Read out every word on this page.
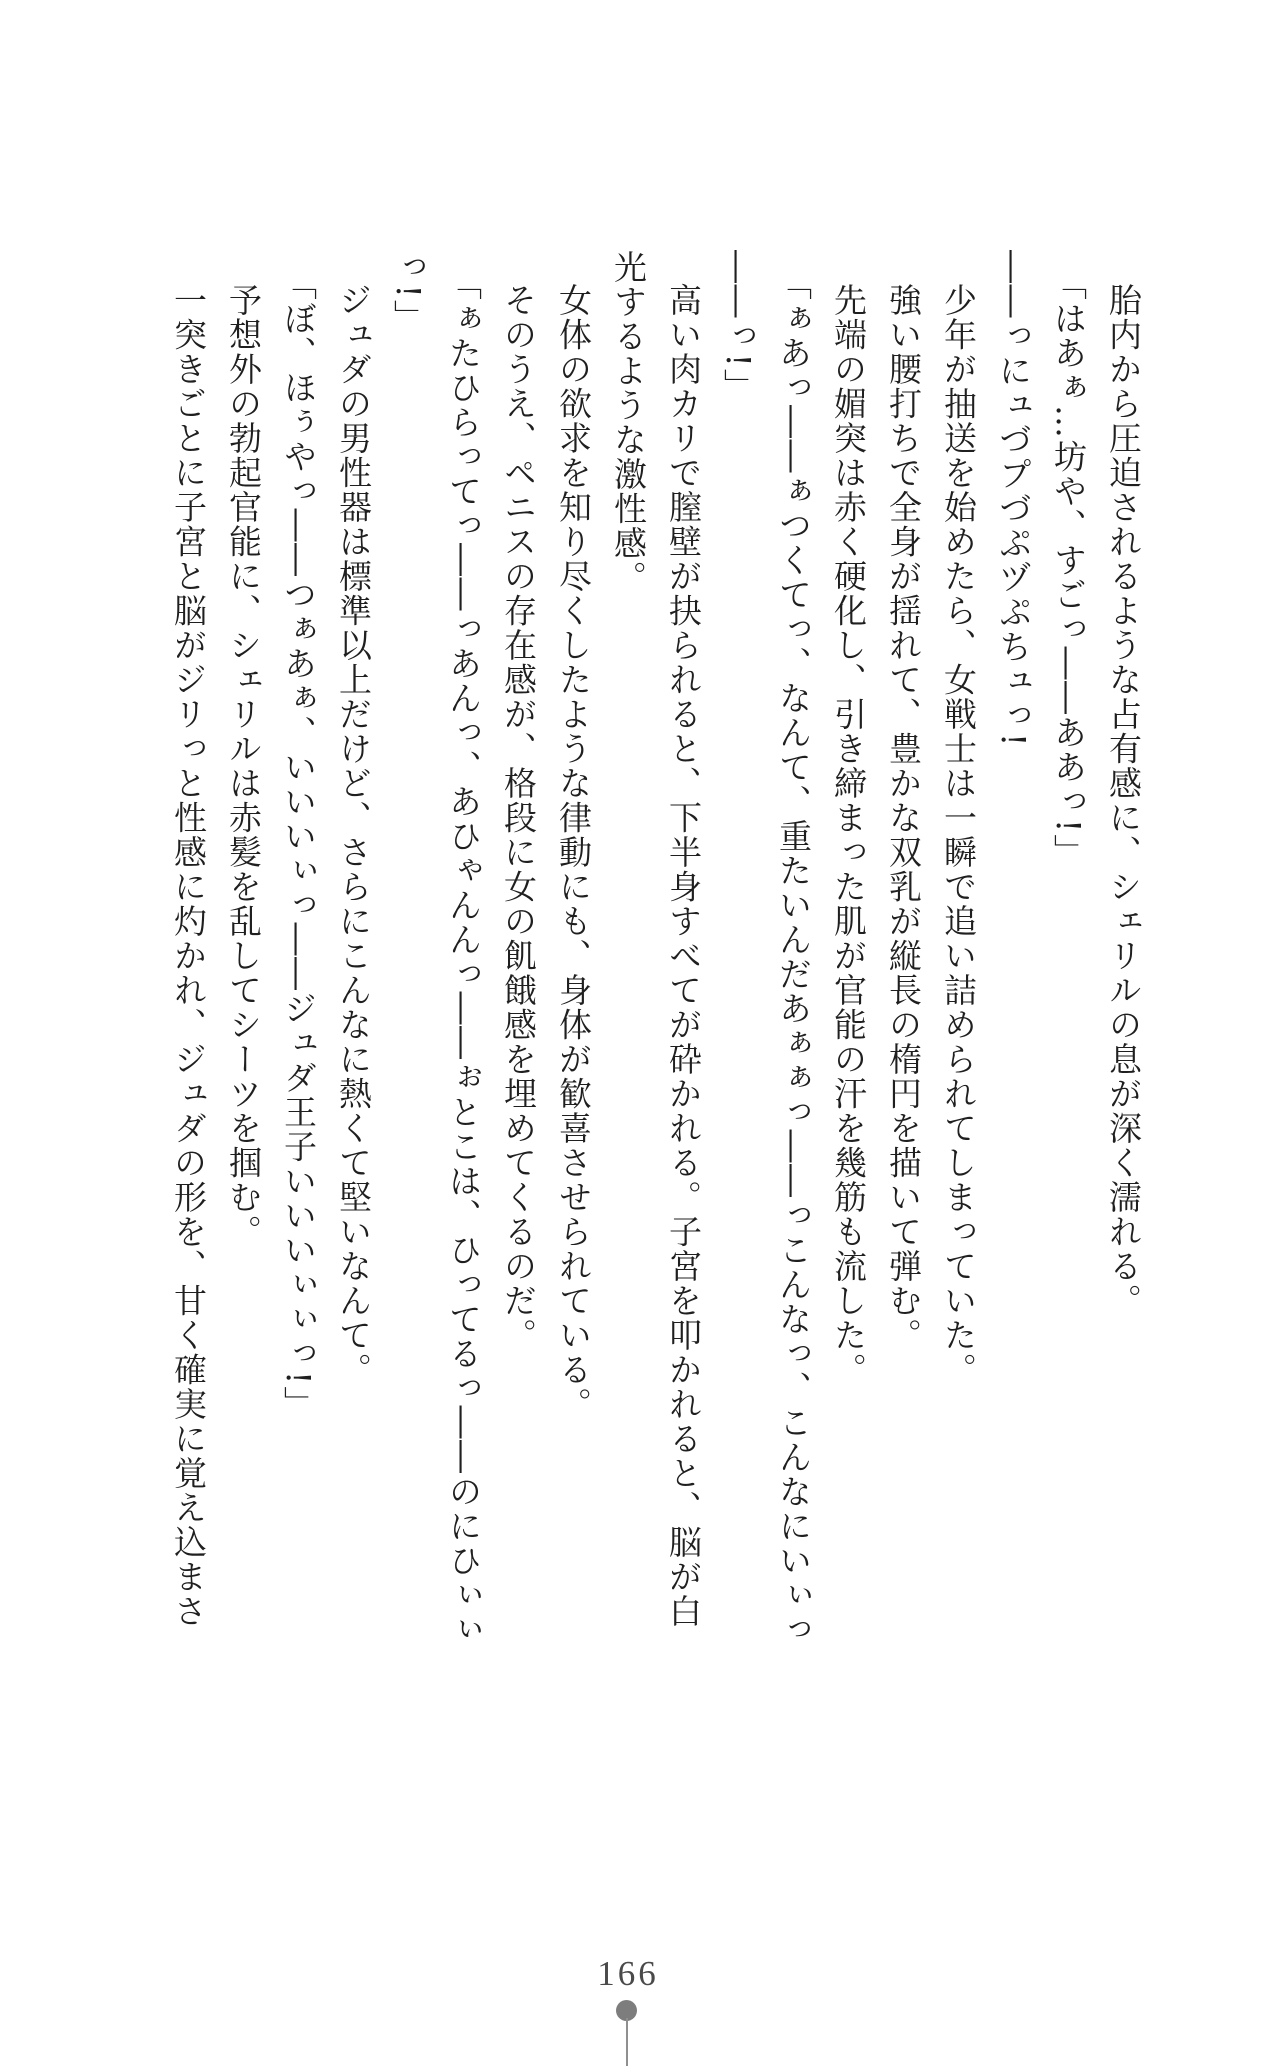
胎内から圧迫されるような占有感に、シェリルの息が深く濡れる。

「はあぁ…坊や、すごっ――ああっ!」

――っにュづプづぷヅぷちュっ!

少年が抽送を始めたら、女戦士は一瞬で追い詰められてしまっていた。

強い腰打ちで全身が揺れて、豊かな双乳が縦長の楕円を描いて弾む。

先端の媚突は赤く硬化し、引き締まった肌が官能の汗を幾筋も流した。

「ぁあっ――ぁつくてっ、なんて、重たいんだあぁぁっ――っこんなっ、こんなにいぃっ

――っ!」

高い肉カリで膣壁が抉られると、下半身すべてが砕かれる。子宮を叩かれると、脳が白

光するような激性感。

女体の欲求を知り尽くしたような律動にも、身体が歓喜させられている。

そのうえ、ペニスの存在感が、格段に女の飢餓感を埋めてくるのだ。

「ぁたひらってっ――っあんっ、あひゃんんっ――ぉとこは、ひってるっ――のにひぃぃ

っ!」

ジュダの男性器は標準以上だけど、さらにこんなに熱くて堅いなんて。

「ぼ、ほぅやっ――つぁあぁ、いいいぃっ――ジュダ王子いいいぃぃっ!」

予想外の勃起官能に、シェリルは赤髪を乱してシーツを掴む。

一突きごとに子宮と脳がジリっと性感に灼かれ、ジュダの形を、甘く確実に覚え込まさ

166
